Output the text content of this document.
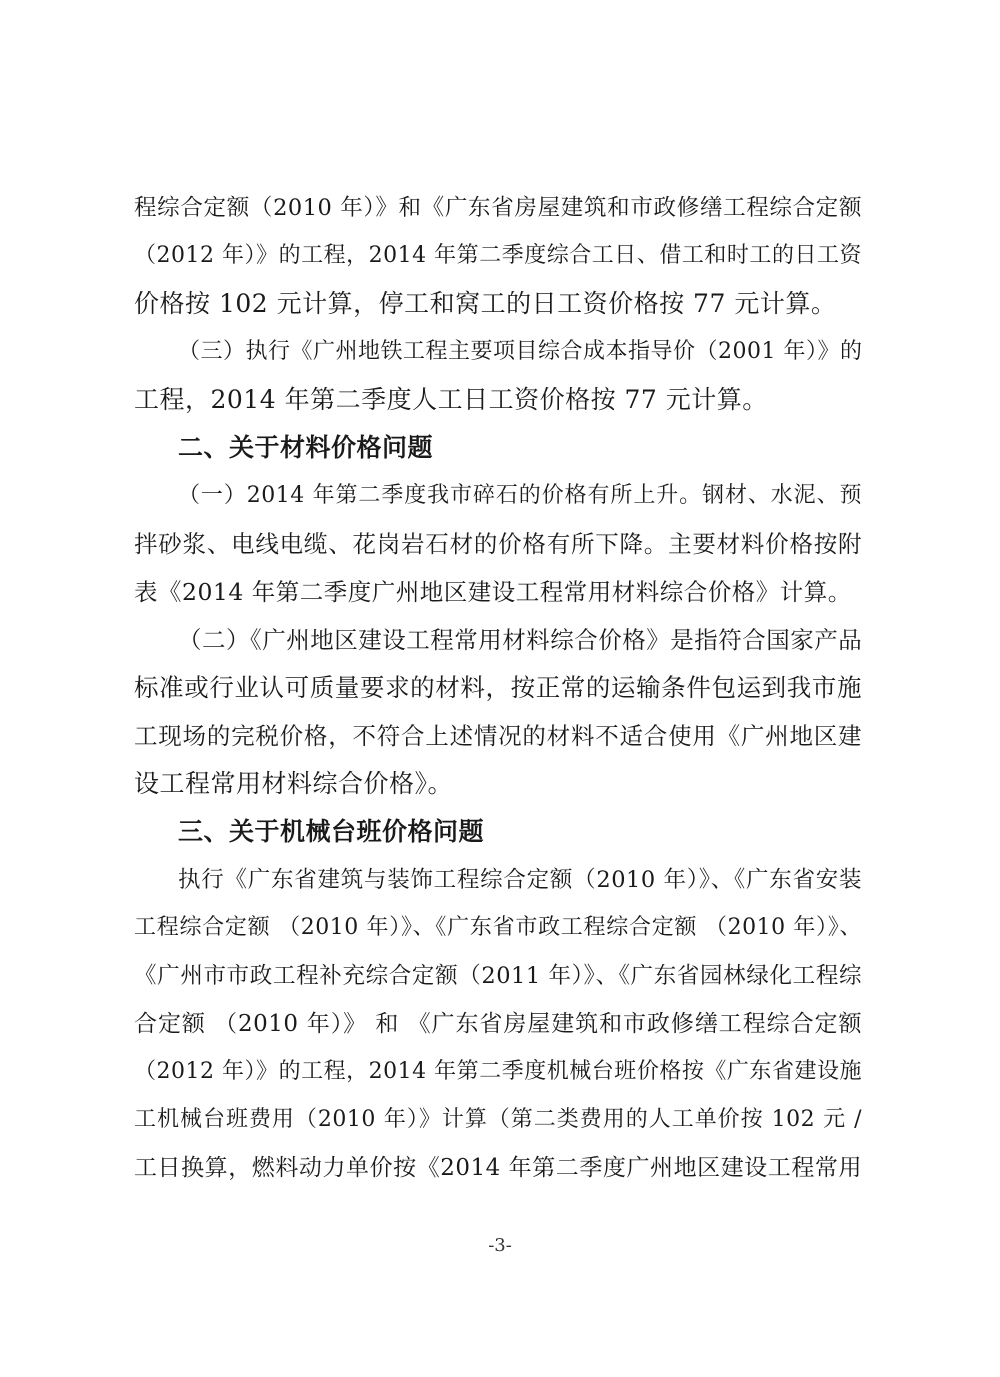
程综合定额（2010 年）》和《广东省房屋建筑和市政修缮工程综合定额
（2012 年）》的工程，2014 年第二季度综合工日、借工和时工的日工资
价格按 102 元计算，停工和窝工的日工资价格按 77 元计算。
（三）执行《广州地铁工程主要项目综合成本指导价（2001 年）》的
工程，2014 年第二季度人工日工资价格按 77 元计算。
二、关于材料价格问题
（一）2014 年第二季度我市碎石的价格有所上升。钢材、水泥、预
拌砂浆、电线电缆、花岗岩石材的价格有所下降。主要材料价格按附
表《2014 年第二季度广州地区建设工程常用材料综合价格》计算。
（二）《广州地区建设工程常用材料综合价格》是指符合国家产品
标准或行业认可质量要求的材料，按正常的运输条件包运到我市施
工现场的完税价格，不符合上述情况的材料不适合使用《广州地区建
设工程常用材料综合价格》。
三、关于机械台班价格问题
执行《广东省建筑与装饰工程综合定额（2010 年）》、《广东省安装
工程综合定额 （2010 年）》、《广东省市政工程综合定额 （2010 年）》、
《广州市市政工程补充综合定额（2011 年）》、《广东省园林绿化工程综
合定额 （2010 年）》 和 《广东省房屋建筑和市政修缮工程综合定额
（2012 年）》的工程，2014 年第二季度机械台班价格按《广东省建设施
工机械台班费用（2010 年）》计算（第二类费用的人工单价按 102 元 /
工日换算，燃料动力单价按《2014 年第二季度广州地区建设工程常用
-3-
